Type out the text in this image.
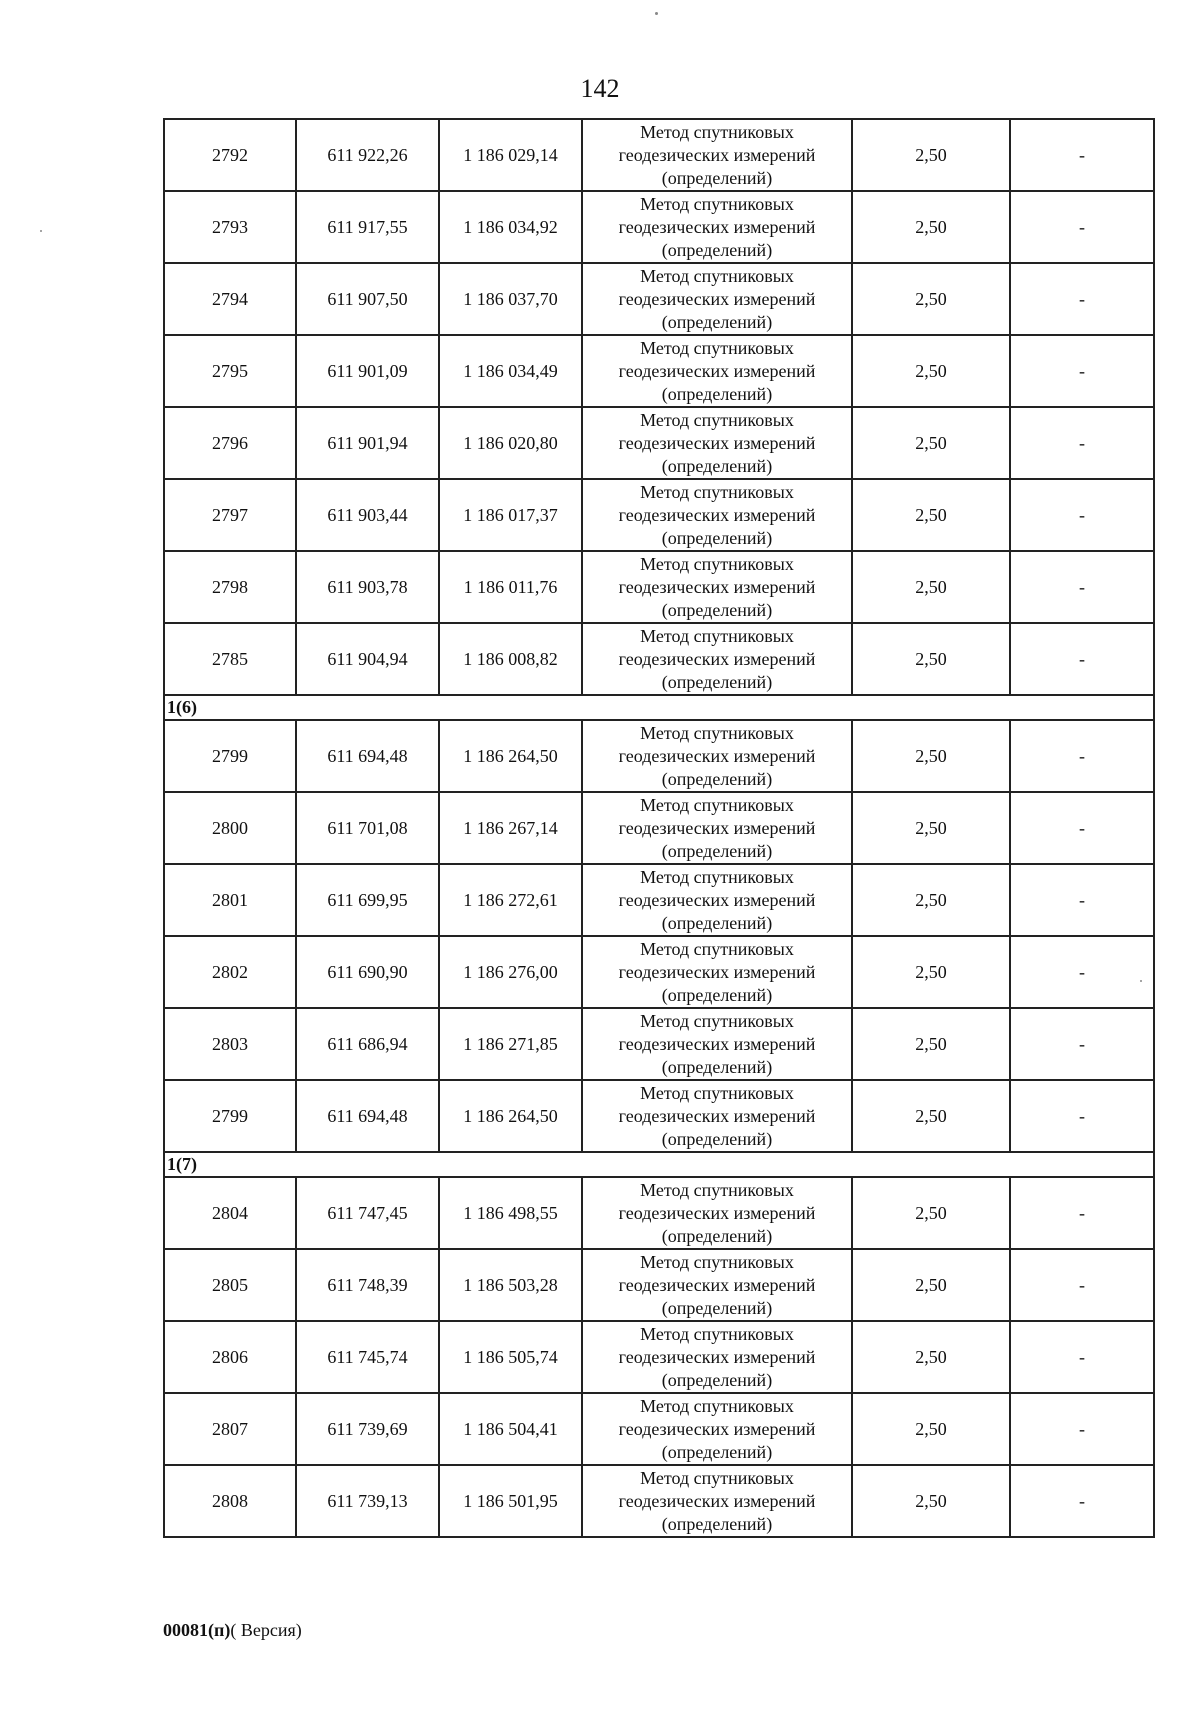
142
2792	611 922,26	1 186 029,14	Метод спутниковых
геодезических измерений
(определений)	2,50	-
2793	611 917,55	1 186 034,92	Метод спутниковых
геодезических измерений
(определений)	2,50	-
2794	611 907,50	1 186 037,70	Метод спутниковых
геодезических измерений
(определений)	2,50	-
2795	611 901,09	1 186 034,49	Метод спутниковых
геодезических измерений
(определений)	2,50	-
2796	611 901,94	1 186 020,80	Метод спутниковых
геодезических измерений
(определений)	2,50	-
2797	611 903,44	1 186 017,37	Метод спутниковых
геодезических измерений
(определений)	2,50	-
2798	611 903,78	1 186 011,76	Метод спутниковых
геодезических измерений
(определений)	2,50	-
2785	611 904,94	1 186 008,82	Метод спутниковых
геодезических измерений
(определений)	2,50	-
1(6)					
2799	611 694,48	1 186 264,50	Метод спутниковых
геодезических измерений
(определений)	2,50	-
2800	611 701,08	1 186 267,14	Метод спутниковых
геодезических измерений
(определений)	2,50	-
2801	611 699,95	1 186 272,61	Метод спутниковых
геодезических измерений
(определений)	2,50	-
2802	611 690,90	1 186 276,00	Метод спутниковых
геодезических измерений
(определений)	2,50	-
2803	611 686,94	1 186 271,85	Метод спутниковых
геодезических измерений
(определений)	2,50	-
2799	611 694,48	1 186 264,50	Метод спутниковых
геодезических измерений
(определений)	2,50	-
1(7)					
2804	611 747,45	1 186 498,55	Метод спутниковых
геодезических измерений
(определений)	2,50	-
2805	611 748,39	1 186 503,28	Метод спутниковых
геодезических измерений
(определений)	2,50	-
2806	611 745,74	1 186 505,74	Метод спутниковых
геодезических измерений
(определений)	2,50	-
2807	611 739,69	1 186 504,41	Метод спутниковых
геодезических измерений
(определений)	2,50	-
2808	611 739,13	1 186 501,95	Метод спутниковых
геодезических измерений
(определений)	2,50	-
00081(п)( Версия)
